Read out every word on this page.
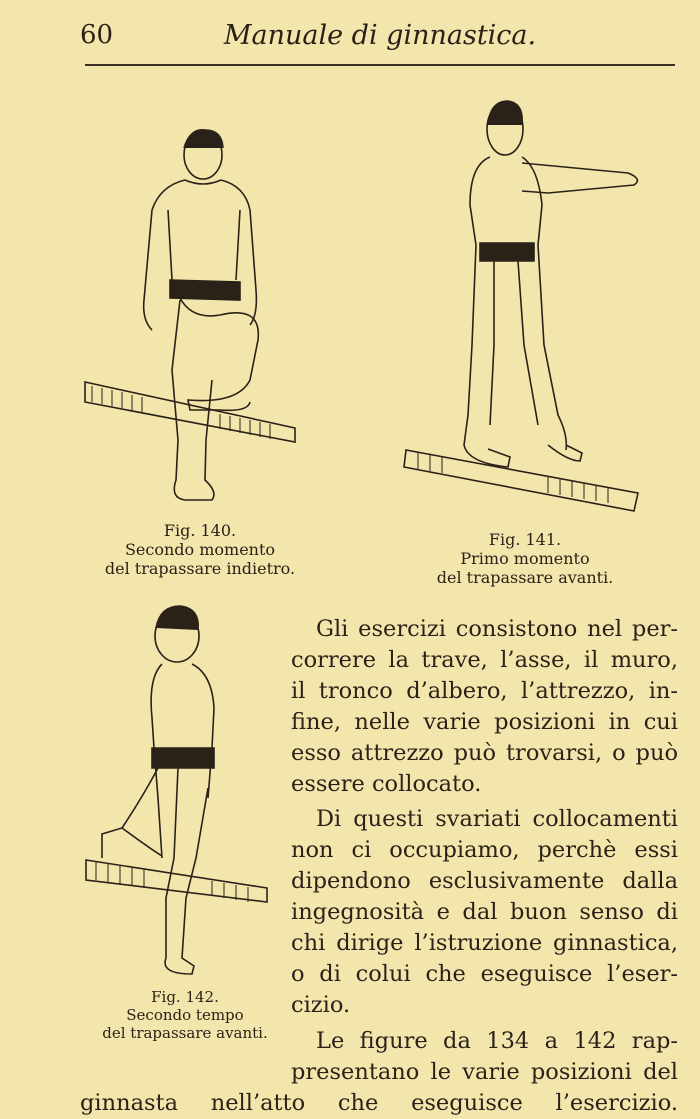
60	Manuale di ginnastica.
Fig. 140.
Secondo momento
del trapassare indietro.
Fig. 141.
Primo momento
del trapassare avanti.
Fig. 142.
Secondo tempo
del trapassare avanti.
Gli esercizi consistono nel per-
correre la trave, l’asse, il muro,
il tronco d’albero, l’attrezzo, in-
fine, nelle varie posizioni in cui
esso attrezzo può trovarsi, o può
essere collocato.
Di questi svariati collocamenti
non ci occupiamo, perchè essi
dipendono esclusivamente dalla
ingegnosità e dal buon senso di
chi dirige l’istruzione ginnastica,
o di colui che eseguisce l’eser-
cizio.
Le figure da 134 a 142 rap-
presentano le varie posizioni del
ginnasta nell’atto che eseguisce l’esercizio.
